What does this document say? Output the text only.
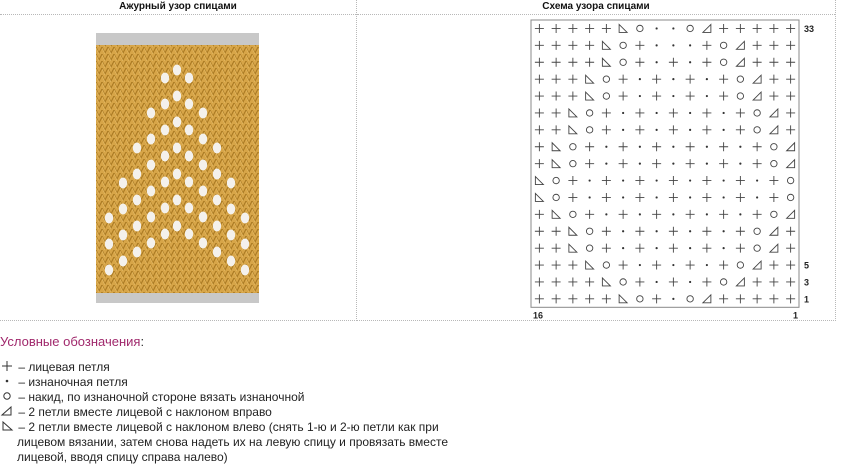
Ажурный узор спицами	Схема узора спицами
33
5
3
1
16	1
Условные обозначения:
– лицевая петля
– изнаночная петля
– накид, по изнаночной стороне вязать изнаночной
– 2 петли вместе лицевой с наклоном вправо
– 2 петли вместе лицевой с наклоном влево (снять 1-ю и 2-ю петли как при
лицевом вязании, затем снова надеть их на левую спицу и провязать вместе
лицевой, вводя спицу справа налево)
